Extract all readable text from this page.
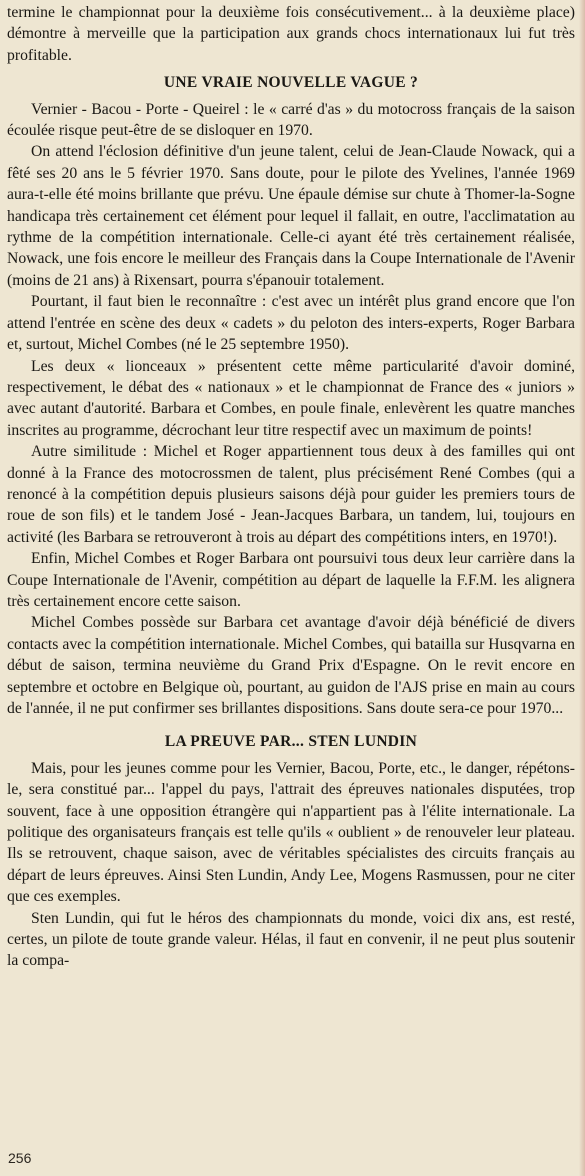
termine le championnat pour la deuxième fois consécutivement... à la deuxième place) démontre à merveille que la participation aux grands chocs internationaux lui fut très profitable.

UNE VRAIE NOUVELLE VAGUE ?

Vernier - Bacou - Porte - Queirel : le « carré d'as » du motocross français de la saison écoulée risque peut-être de se disloquer en 1970.

On attend l'éclosion définitive d'un jeune talent, celui de Jean-Claude Nowack, qui a fêté ses 20 ans le 5 février 1970. Sans doute, pour le pilote des Yvelines, l'année 1969 aura-t-elle été moins brillante que prévu. Une épaule démise sur chute à Thomer-la-Sogne handicapa très certainement cet élément pour lequel il fallait, en outre, l'acclimatation au rythme de la compétition internationale. Celle-ci ayant été très certainement réalisée, Nowack, une fois encore le meilleur des Français dans la Coupe Internationale de l'Avenir (moins de 21 ans) à Rixensart, pourra s'épanouir totalement.

Pourtant, il faut bien le reconnaître : c'est avec un intérêt plus grand encore que l'on attend l'entrée en scène des deux « cadets » du peloton des inters-experts, Roger Barbara et, surtout, Michel Combes (né le 25 septembre 1950).

Les deux « lionceaux » présentent cette même particularité d'avoir dominé, respectivement, le débat des « nationaux » et le championnat de France des « juniors » avec autant d'autorité. Barbara et Combes, en poule finale, enlevèrent les quatre manches inscrites au programme, décrochant leur titre respectif avec un maximum de points!

Autre similitude : Michel et Roger appartiennent tous deux à des familles qui ont donné à la France des motocrossmen de talent, plus précisément René Combes (qui a renoncé à la compétition depuis plusieurs saisons déjà pour guider les premiers tours de roue de son fils) et le tandem José - Jean-Jacques Barbara, un tandem, lui, toujours en activité (les Barbara se retrouveront à trois au départ des compétitions inters, en 1970!).

Enfin, Michel Combes et Roger Barbara ont poursuivi tous deux leur carrière dans la Coupe Internationale de l'Avenir, compétition au départ de laquelle la F.F.M. les alignera très certainement encore cette saison.

Michel Combes possède sur Barbara cet avantage d'avoir déjà bénéficié de divers contacts avec la compétition internationale. Michel Combes, qui batailla sur Husqvarna en début de saison, termina neuvième du Grand Prix d'Espagne. On le revit encore en septembre et octobre en Belgique où, pourtant, au guidon de l'AJS prise en main au cours de l'année, il ne put confirmer ses brillantes dispositions. Sans doute sera-ce pour 1970...

LA PREUVE PAR... STEN LUNDIN

Mais, pour les jeunes comme pour les Vernier, Bacou, Porte, etc., le danger, répétons-le, sera constitué par... l'appel du pays, l'attrait des épreuves nationales disputées, trop souvent, face à une opposition étrangère qui n'appartient pas à l'élite internationale. La politique des organisateurs français est telle qu'ils « oublient » de renouveler leur plateau. Ils se retrouvent, chaque saison, avec de véritables spécialistes des circuits français au départ de leurs épreuves. Ainsi Sten Lundin, Andy Lee, Mogens Rasmussen, pour ne citer que ces exemples.

Sten Lundin, qui fut le héros des championnats du monde, voici dix ans, est resté, certes, un pilote de toute grande valeur. Hélas, il faut en convenir, il ne peut plus soutenir la compa-

256
